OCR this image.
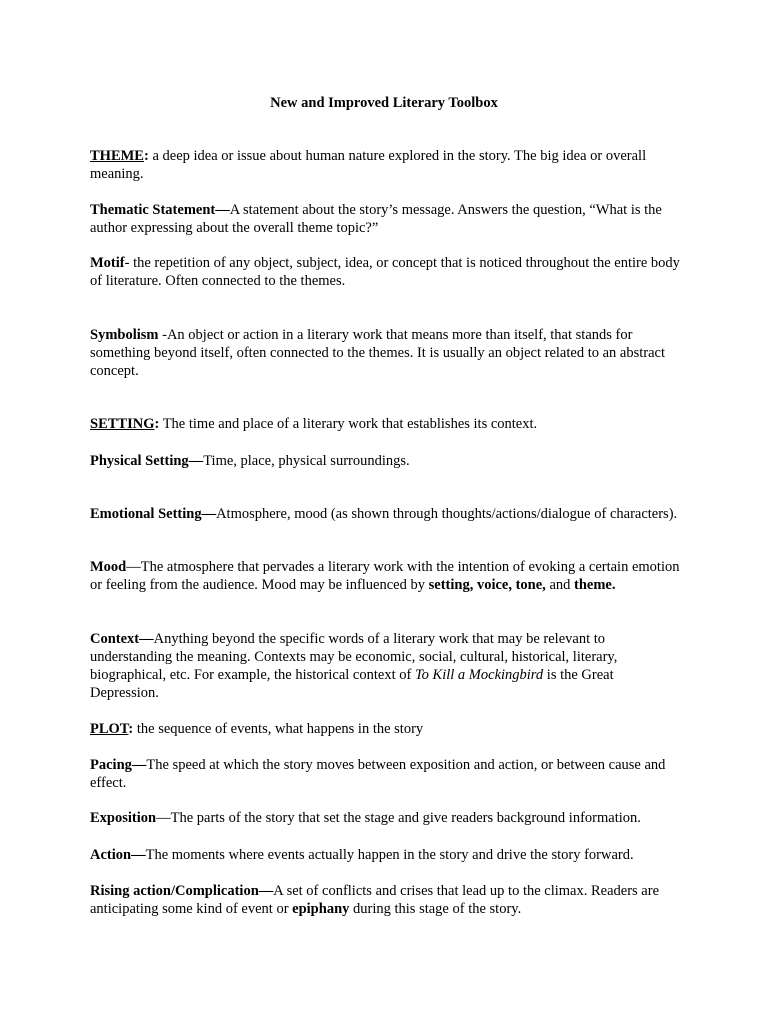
New and Improved Literary Toolbox

THEME: a deep idea or issue about human nature explored in the story. The big idea or overall meaning.

Thematic Statement—A statement about the story’s message. Answers the question, “What is the author expressing about the overall theme topic?”

Motif- the repetition of any object, subject, idea, or concept that is noticed throughout the entire body of literature. Often connected to the themes.

Symbolism -An object or action in a literary work that means more than itself, that stands for something beyond itself, often connected to the themes. It is usually an object related to an abstract concept.

SETTING: The time and place of a literary work that establishes its context.

Physical Setting—Time, place, physical surroundings.

Emotional Setting—Atmosphere, mood (as shown through thoughts/actions/dialogue of characters).

Mood—The atmosphere that pervades a literary work with the intention of evoking a certain emotion or feeling from the audience. Mood may be influenced by setting, voice, tone, and theme.

Context—Anything beyond the specific words of a literary work that may be relevant to understanding the meaning. Contexts may be economic, social, cultural, historical, literary, biographical, etc. For example, the historical context of To Kill a Mockingbird is the Great Depression.

PLOT: the sequence of events, what happens in the story

Pacing—The speed at which the story moves between exposition and action, or between cause and effect.

Exposition—The parts of the story that set the stage and give readers background information.

Action—The moments where events actually happen in the story and drive the story forward.

Rising action/Complication—A set of conflicts and crises that lead up to the climax. Readers are anticipating some kind of event or epiphany during this stage of the story.
